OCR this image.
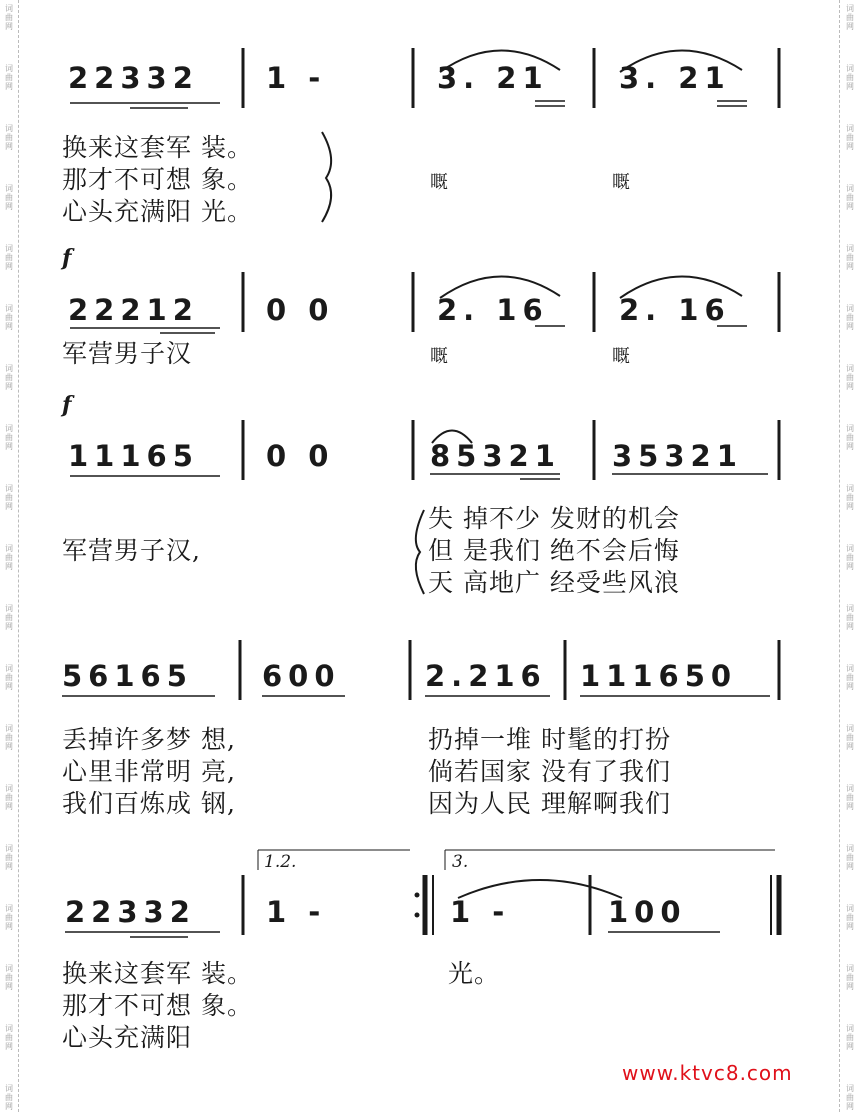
词曲网
词曲网
词曲网
词曲网
词曲网
词曲网
词曲网
词曲网
词曲网
词曲网
词曲网
词曲网
词曲网
词曲网
词曲网
词曲网
词曲网
词曲网
词曲网
词曲网
词曲网
词曲网
词曲网
词曲网
词曲网
词曲网
词曲网
词曲网
词曲网
词曲网
词曲网
词曲网
词曲网
词曲网
词曲网
词曲网
词曲网
词曲网
22332 1 -	3. 21 3. 21
换来这套军 装。
那才不可想 象。
心头充满阳 光。
嘅	嘅
f
22212 0 0	2. 16 2. 16
军营男子汉	嘅	嘅
f
11165 0 0	85321 35321
军营男子汉,
失 掉不少 发财的机会
但 是我们 绝不会后悔
天 高地广 经受些风浪
56165 600	2.216 111650
丢掉许多梦 想,
心里非常明 亮,
我们百炼成 钢,
扔掉一堆 时髦的打扮
倘若国家 没有了我们
因为人民 理解啊我们
1.2.	3.
22332 1 -	1 -	100
换来这套军 装。
那才不可想 象。
心头充满阳
光。
www.ktvc8.com
